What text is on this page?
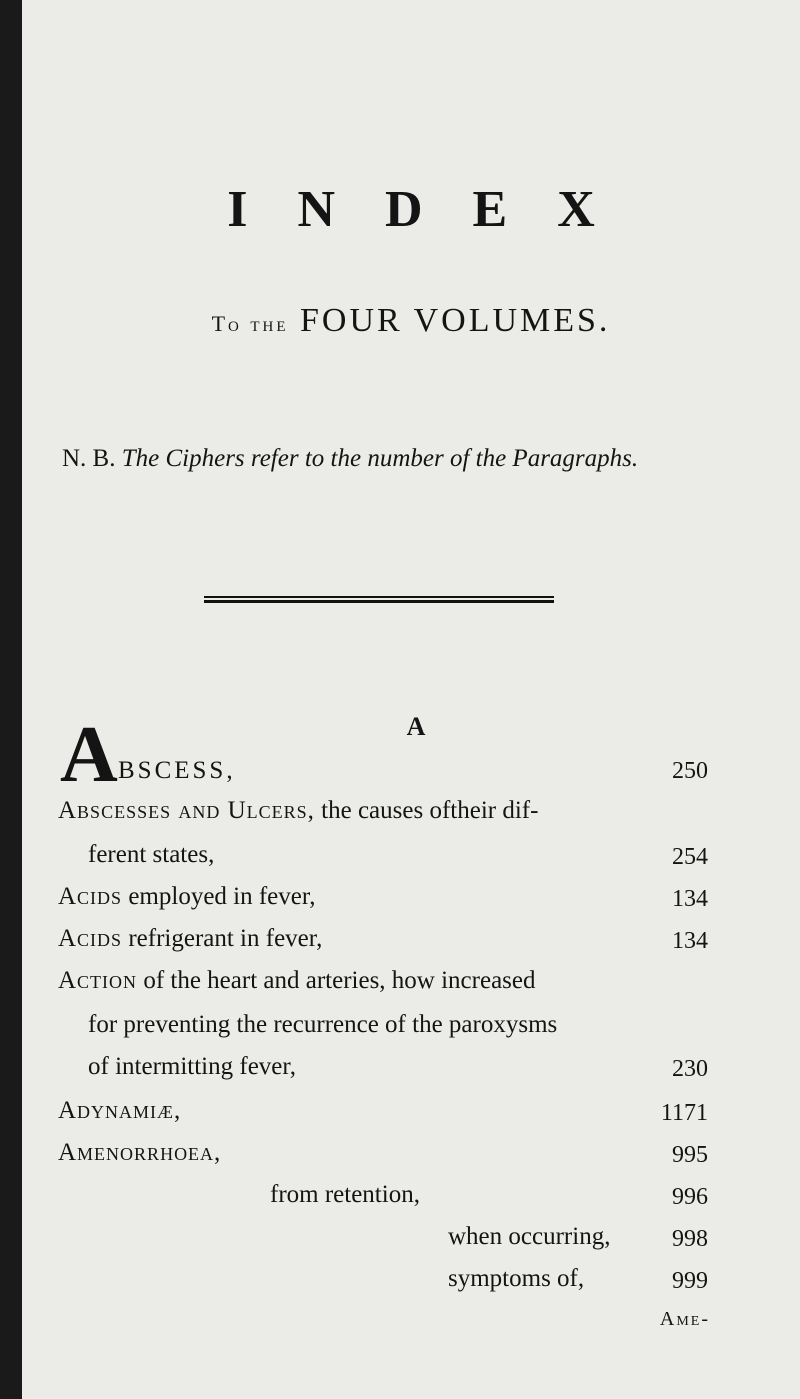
INDEX
To the FOUR VOLUMES.
N. B. The Ciphers refer to the number of the Paragraphs.
A
A BSCESS,	250
Abscesses and Ulcers, the causes oftheir dif-
ferent states,	254
Acids employed in fever,	134
Acids refrigerant in fever,	134
Action of the heart and arteries, how increased
for preventing the recurrence of the paroxysms
of intermitting fever,	230
Adynamiæ,	1171
Amenorrhoea,	995
from retention,	996
when occurring,	998
symptoms of,	999
Ame-
